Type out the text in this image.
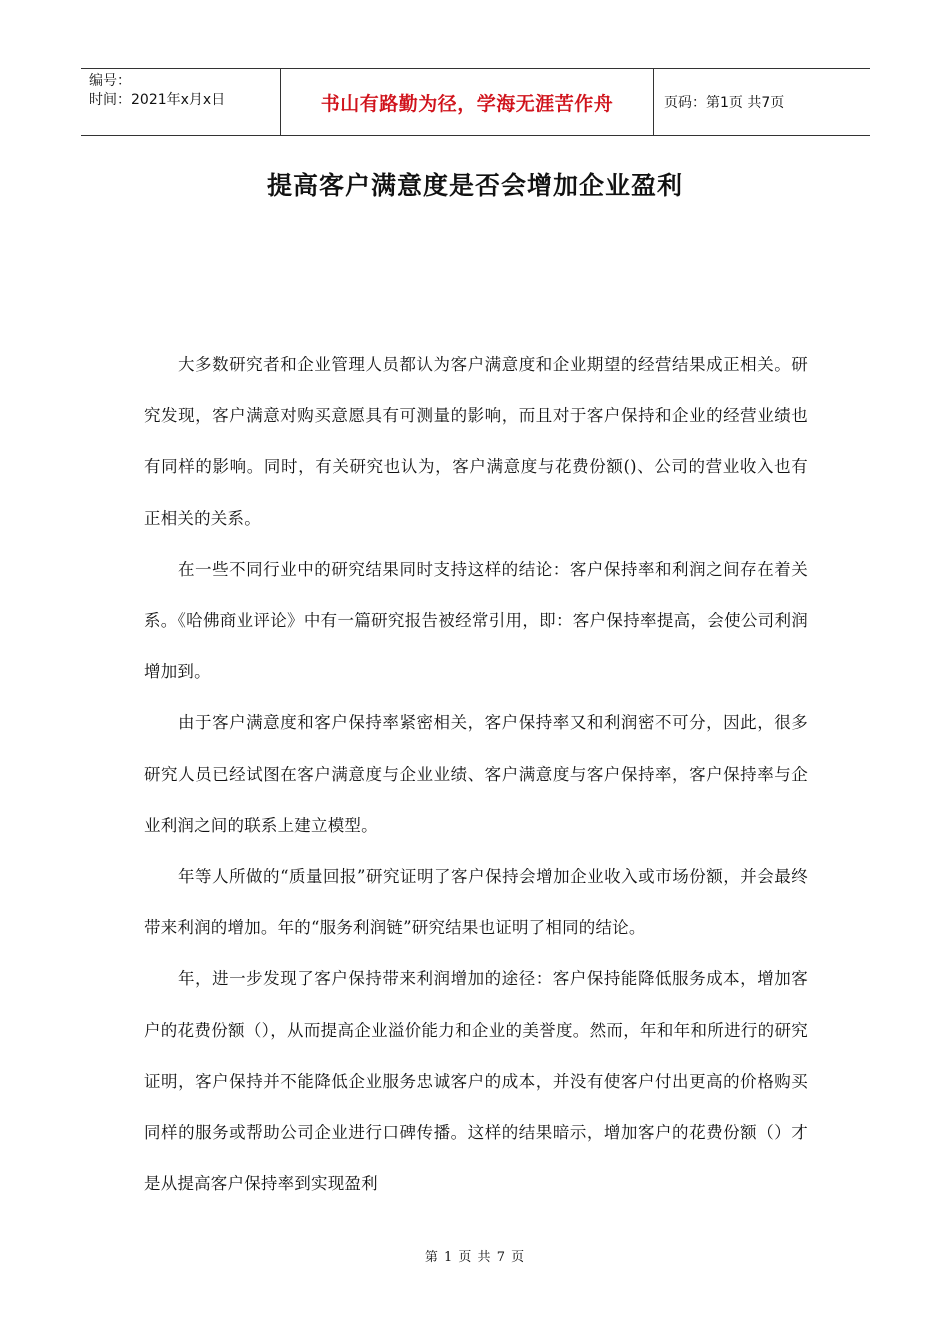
编号：
时间：2021年x月x日	书山有路勤为径，学海无涯苦作舟	页码：第1页 共7页
提高客户满意度是否会增加企业盈利

大多数研究者和企业管理人员都认为客户满意度和企业期望的经营结果成正相关。研究发现，客户满意对购买意愿具有可测量的影响，而且对于客户保持和企业的经营业绩也有同样的影响。同时，有关研究也认为，客户满意度与花费份额()、公司的营业收入也有正相关的关系。

在一些不同行业中的研究结果同时支持这样的结论：客户保持率和利润之间存在着关系。《哈佛商业评论》中有一篇研究报告被经常引用，即：客户保持率提高，会使公司利润增加到。

由于客户满意度和客户保持率紧密相关，客户保持率又和利润密不可分，因此，很多研究人员已经试图在客户满意度与企业业绩、客户满意度与客户保持率，客户保持率与企业利润之间的联系上建立模型。

年等人所做的“质量回报”研究证明了客户保持会增加企业收入或市场份额，并会最终带来利润的增加。年的“服务利润链”研究结果也证明了相同的结论。

年，进一步发现了客户保持带来利润增加的途径：客户保持能降低服务成本，增加客户的花费份额（），从而提高企业溢价能力和企业的美誉度。然而，年和年和所进行的研究证明，客户保持并不能降低企业服务忠诚客户的成本，并没有使客户付出更高的价格购买同样的服务或帮助公司企业进行口碑传播。这样的结果暗示，增加客户的花费份额（）才是从提高客户保持率到实现盈利

第 1 页 共 7 页
